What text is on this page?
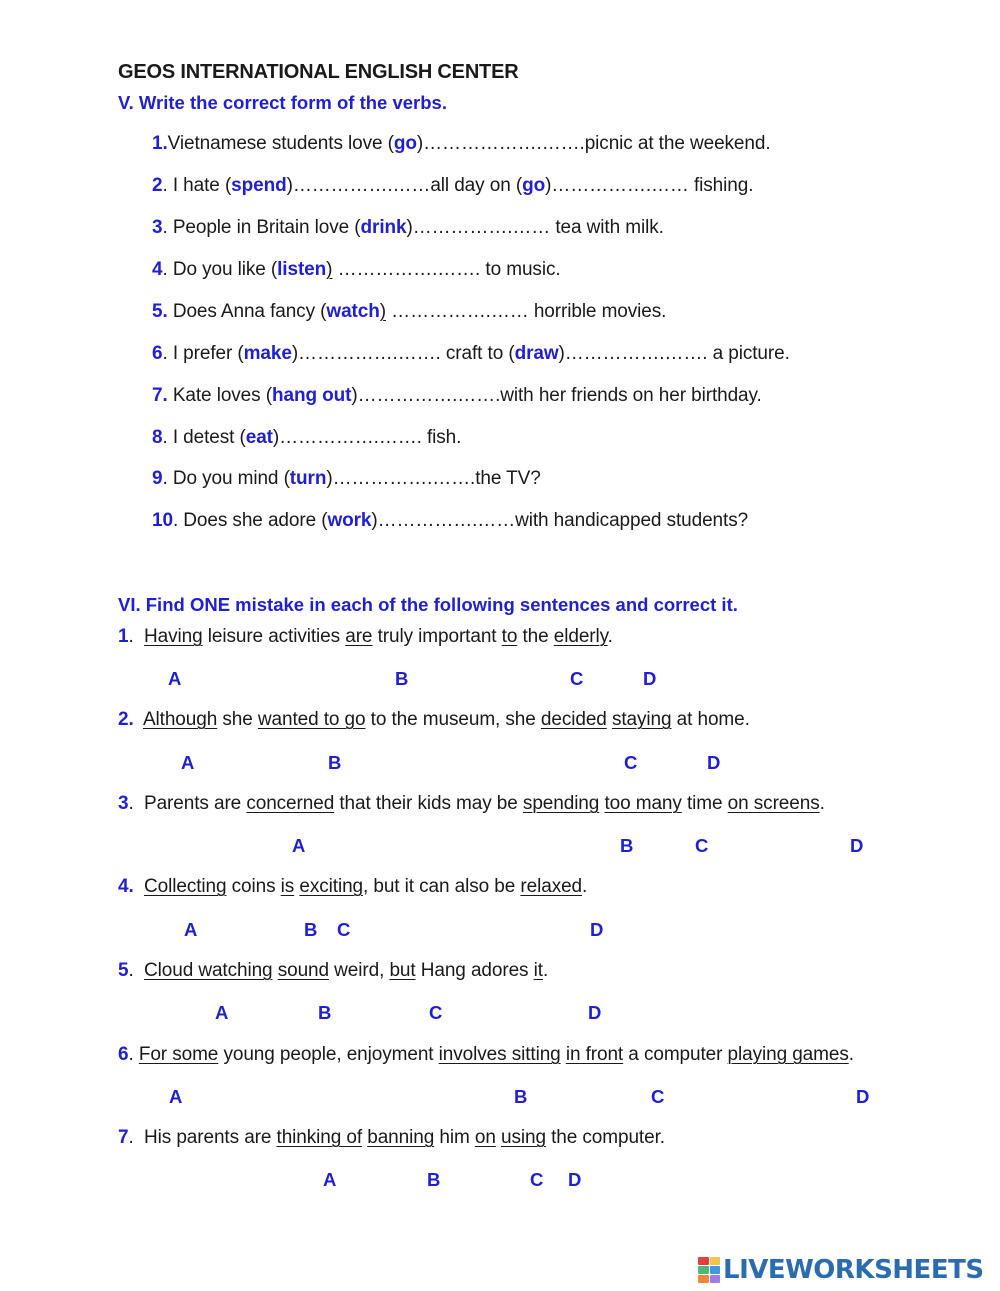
GEOS INTERNATIONAL ENGLISH CENTER
V. Write the correct form of the verbs.
1.Vietnamese students love (go)……………….…….picnic at the weekend.
2. I hate (spend)…………….……all day on (go)…………….…… fishing.
3. People in Britain love (drink)…………….…… tea with milk.
4. Do you like (listen) …………….……. to music.
5. Does Anna fancy (watch) …………….…… horrible movies.
6. I prefer (make)…………….……. craft to (draw)…………….……. a picture.
7. Kate loves (hang out)…………….…….with her friends on her birthday.
8. I detest (eat)…………….……. fish.
9. Do you mind (turn)…………….…….the TV?
10. Does she adore (work)…………….……with handicapped students?
VI. Find ONE mistake in each of the following sentences and correct it.
1.  Having leisure activities are truly important to the elderly.
A	B	C	D
2. Although she wanted to go to the museum, she decided staying at home.
A	B	C	D
3.  Parents are concerned that their kids may be spending too many time on screens.
A	B	C	D
4. Collecting coins is exciting, but it can also be relaxed.
A	B C	D
5.  Cloud watching sound weird, but Hang adores it.
A	B	C	D
6. For some young people, enjoyment involves sitting in front a computer playing games.
A	B	C	D
7.  His parents are thinking of banning him on using the computer.
A	B	C D
LIVEWORKSHEETS
